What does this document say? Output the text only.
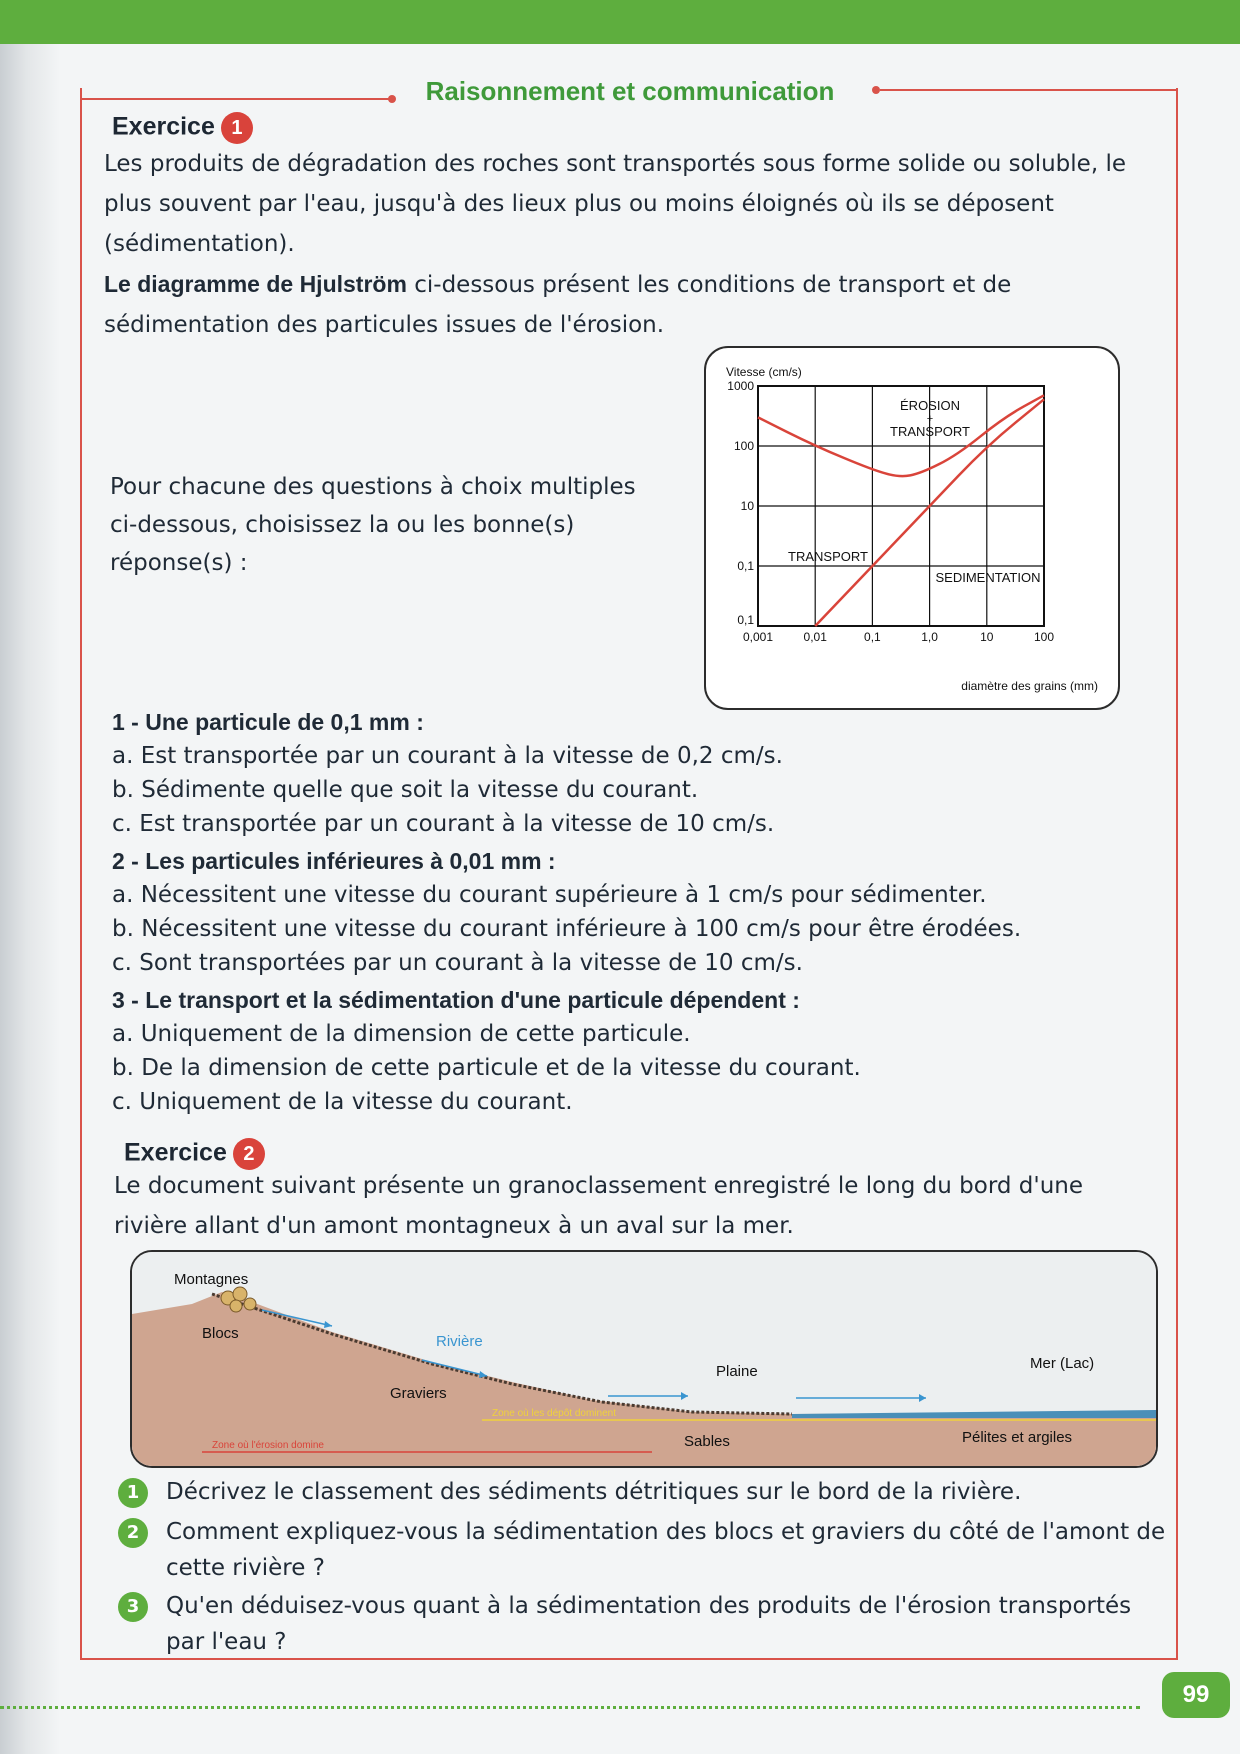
Raisonnement et communication
Exercice 1
Les produits de dégradation des roches sont transportés sous forme solide ou soluble, le plus souvent par l'eau, jusqu'à des lieux plus ou moins éloignés où ils se déposent (sédimentation).
Le diagramme de Hjulström ci-dessous présent les conditions de transport et de sédimentation des particules issues de l'érosion.
Pour chacune des questions à choix multiples ci-dessous, choisissez la ou les bonne(s) réponse(s) :
Vitesse (cm/s)
1000
100
10
0,1
0,1
0,001	0,01	0,1	1,0	10	100
diamètre des grains (mm)
ÉROSION
+
TRANSPORT
TRANSPORT
SEDIMENTATION
1 - Une particule de 0,1 mm :
a. Est transportée par un courant à la vitesse de 0,2 cm/s.
b. Sédimente quelle que soit la vitesse du courant.
c. Est transportée par un courant à la vitesse de 10 cm/s.
2 - Les particules inférieures à 0,01 mm :
a. Nécessitent une vitesse du courant supérieure à 1 cm/s pour sédimenter.
b. Nécessitent une vitesse du courant inférieure à 100 cm/s pour être érodées.
c. Sont transportées par un courant à la vitesse de 10 cm/s.
3 - Le transport et la sédimentation d'une particule dépendent :
a. Uniquement de la dimension de cette particule.
b. De la dimension de cette particule et de la vitesse du courant.
c. Uniquement de la vitesse du courant.
Exercice 2
Le document suivant présente un granoclassement enregistré le long du bord d'une rivière allant d'un amont montagneux à un aval sur la mer.
Montagnes
Blocs	Rivière
Plaine	Mer (Lac)
Graviers
Zone où les dépôt dominent
Zone où l'érosion domine	Sables	Pélites et argiles
1 Décrivez le classement des sédiments détritiques sur le bord de la rivière.
2 Comment expliquez-vous la sédimentation des blocs et graviers du côté de l'amont de cette rivière ?
3 Qu'en déduisez-vous quant à la sédimentation des produits de l'érosion transportés par l'eau ?
99
